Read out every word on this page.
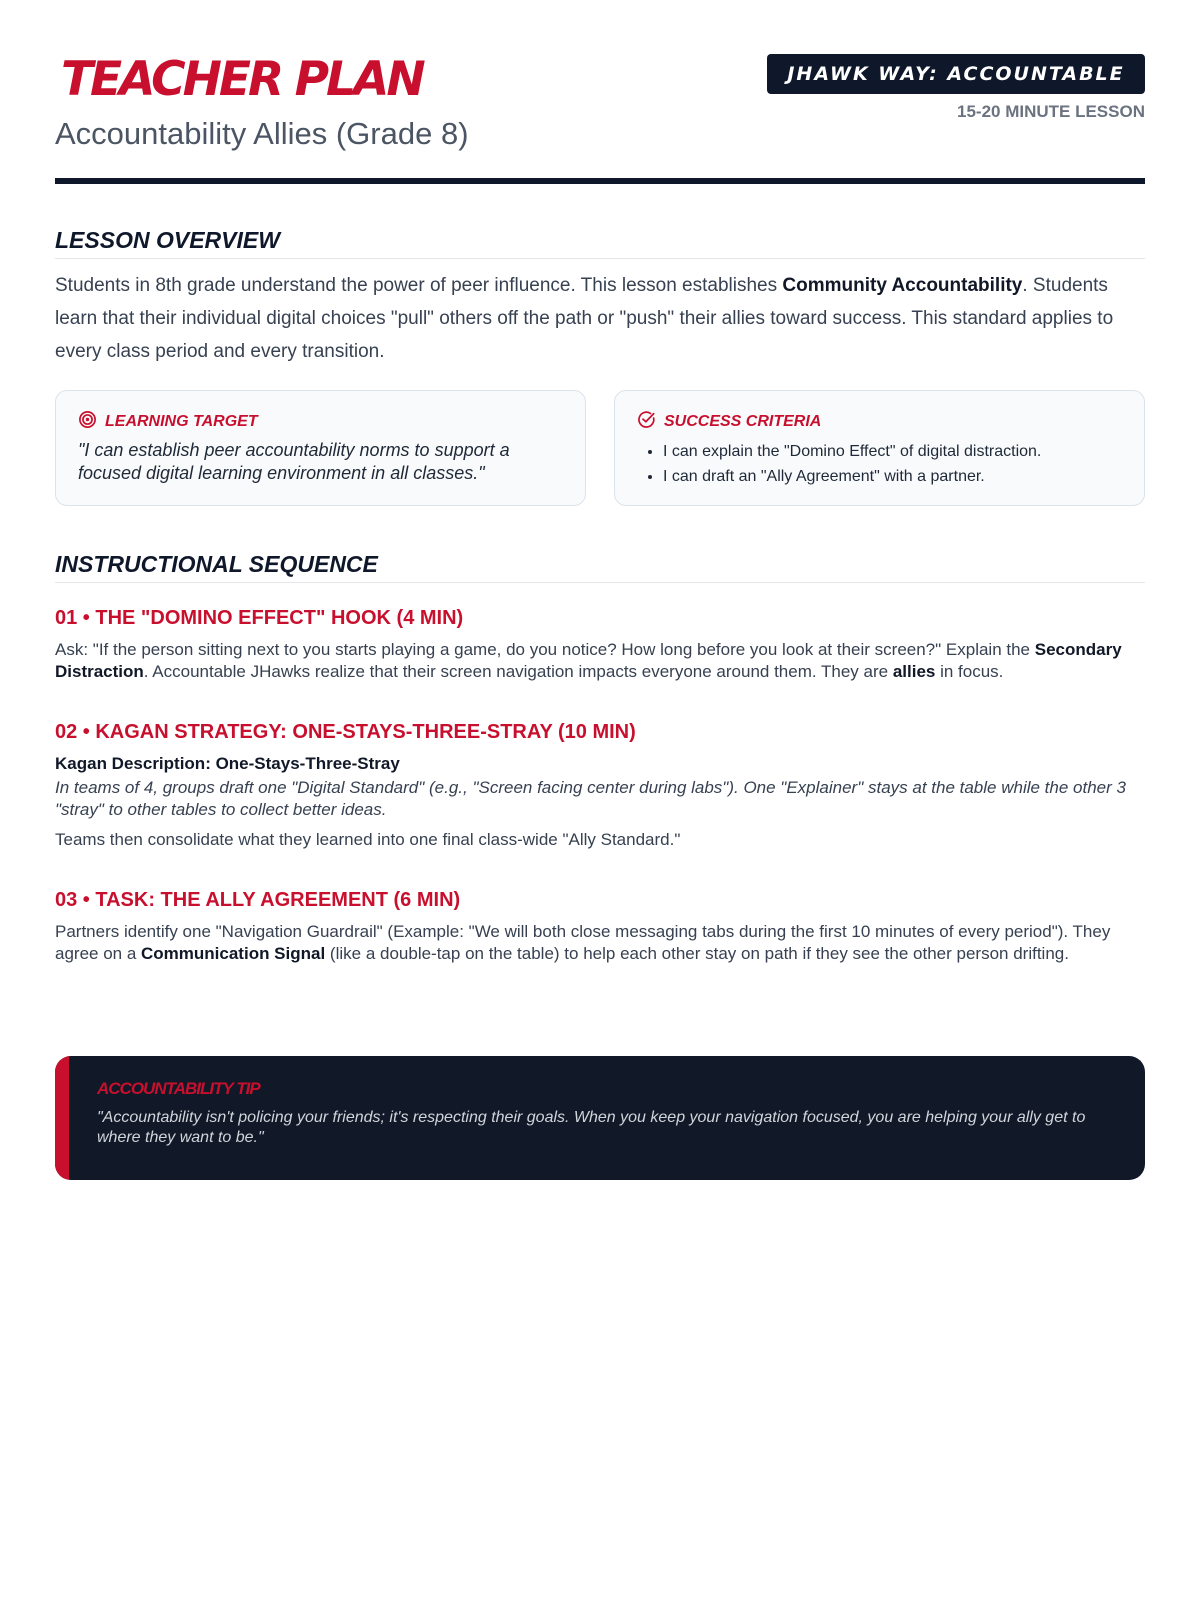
TEACHER PLAN
Accountability Allies (Grade 8)
JHAWK WAY: ACCOUNTABLE
15-20 MINUTE LESSON
LESSON OVERVIEW

Students in 8th grade understand the power of peer influence. This lesson establishes Community Accountability. Students learn that their individual digital choices "pull" others off the path or "push" their allies toward success. This standard applies to every class period and every transition.

LEARNING TARGET
"I can establish peer accountability norms to support a focused digital learning environment in all classes."
SUCCESS CRITERIA
• I can explain the "Domino Effect" of digital distraction.
• I can draft an "Ally Agreement" with a partner.
INSTRUCTIONAL SEQUENCE
01 • THE "DOMINO EFFECT" HOOK (4 MIN)

Ask: "If the person sitting next to you starts playing a game, do you notice? How long before you look at their screen?" Explain the Secondary Distraction. Accountable JHawks realize that their screen navigation impacts everyone around them. They are allies in focus.

02 • KAGAN STRATEGY: ONE-STAYS-THREE-STRAY (10 MIN)

Kagan Description: One-Stays-Three-Stray

In teams of 4, groups draft one "Digital Standard" (e.g., "Screen facing center during labs"). One "Explainer" stays at the table while the other 3 "stray" to other tables to collect better ideas.

Teams then consolidate what they learned into one final class-wide "Ally Standard."

03 • TASK: THE ALLY AGREEMENT (6 MIN)

Partners identify one "Navigation Guardrail" (Example: "We will both close messaging tabs during the first 10 minutes of every period"). They agree on a Communication Signal (like a double-tap on the table) to help each other stay on path if they see the other person drifting.

ACCOUNTABILITY TIP
"Accountability isn't policing your friends; it's respecting their goals. When you keep your navigation focused, you are helping your ally get to where they want to be."
